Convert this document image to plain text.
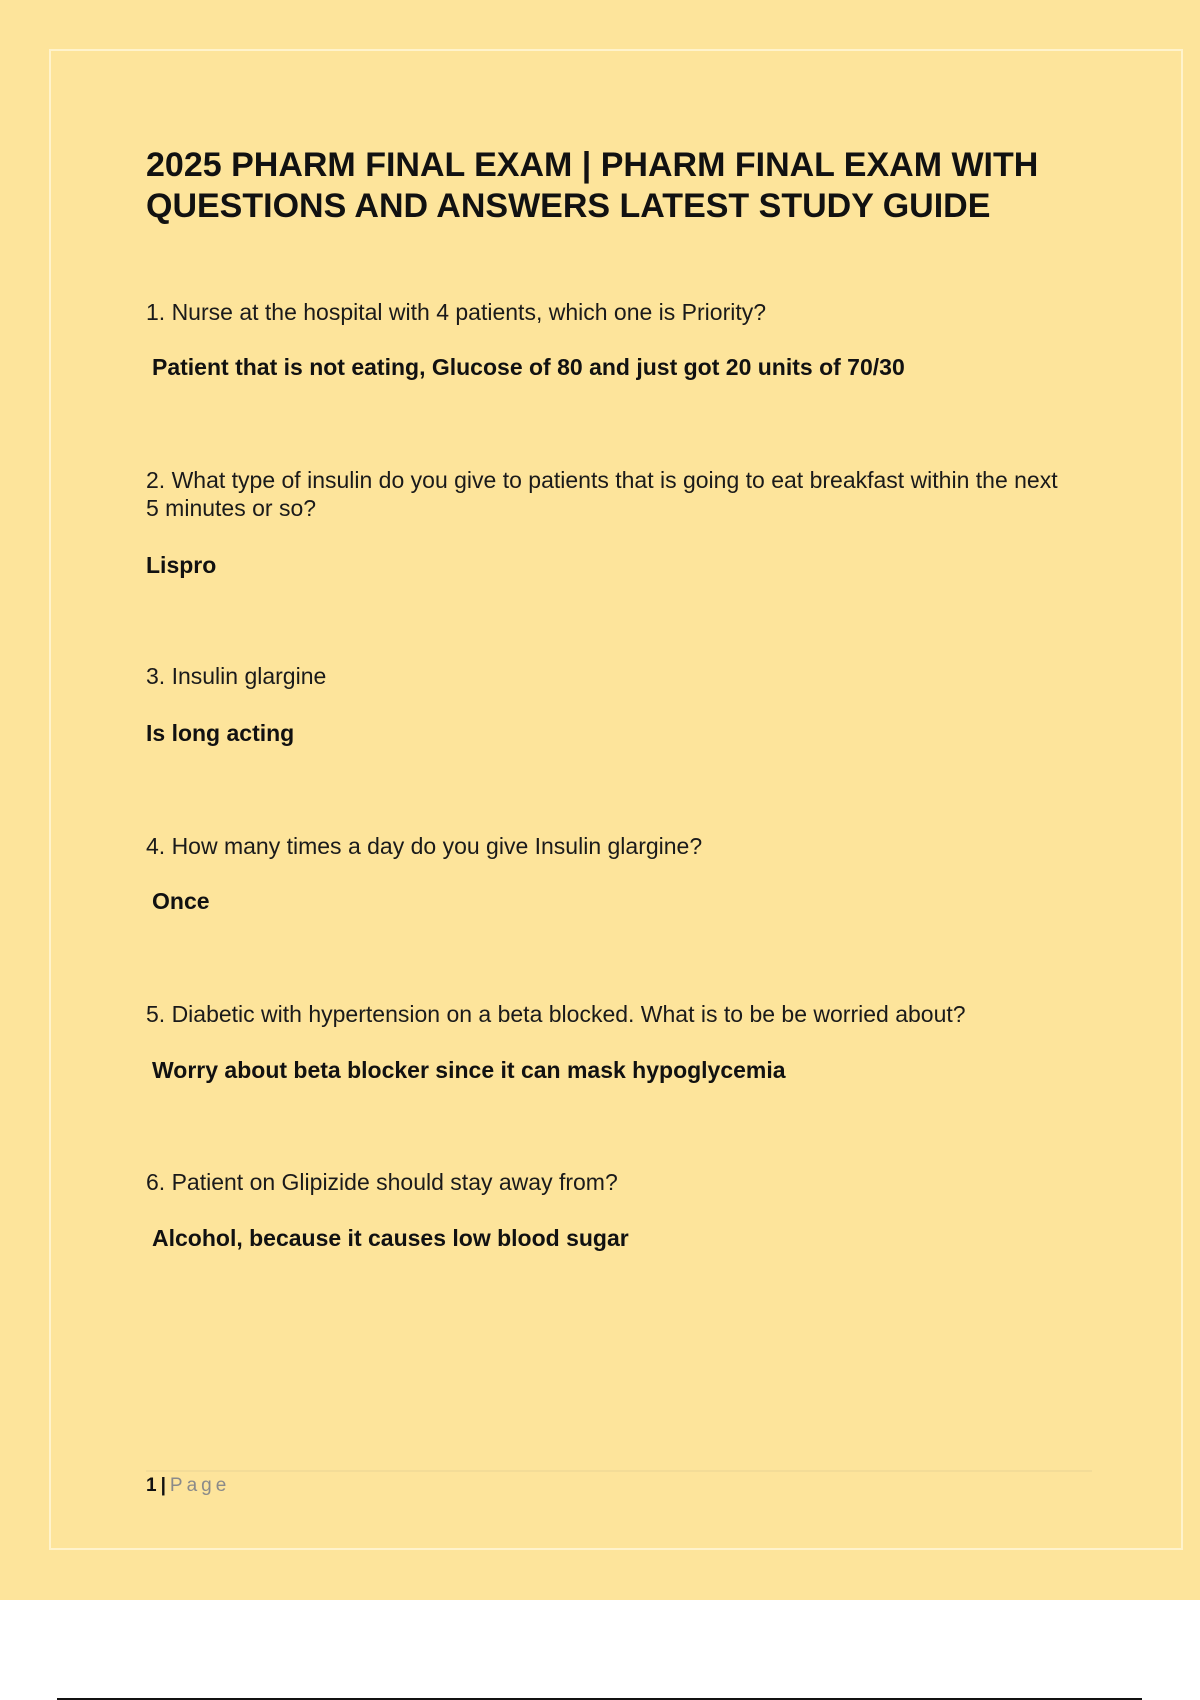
2025 PHARM FINAL EXAM | PHARM FINAL EXAM WITH QUESTIONS AND ANSWERS LATEST STUDY GUIDE

1. Nurse at the hospital with 4 patients, which one is Priority?

Patient that is not eating, Glucose of 80 and just got 20 units of 70/30

2. What type of insulin do you give to patients that is going to eat breakfast within the next 5 minutes or so?

Lispro

3. Insulin glargine

Is long acting

4. How many times a day do you give Insulin glargine?

Once

5. Diabetic with hypertension on a beta blocked. What is to be be worried about?

Worry about beta blocker since it can mask hypoglycemia

6. Patient on Glipizide should stay away from?

Alcohol, because it causes low blood sugar

1 | Page
